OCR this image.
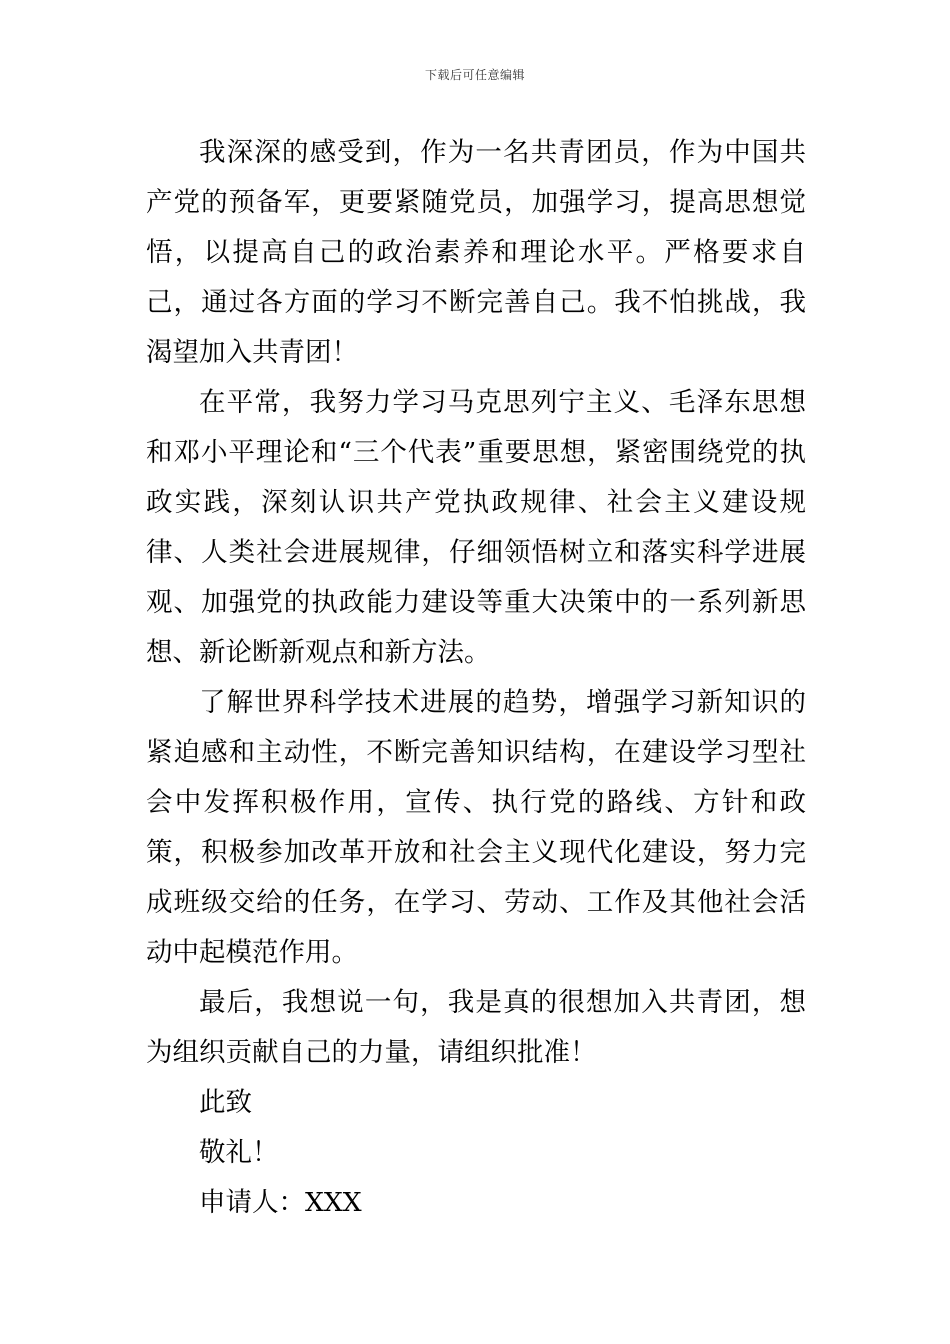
下载后可任意编辑

我深深的感受到，作为一名共青团员，作为中国共产党的预备军，更要紧随党员，加强学习，提高思想觉悟，以提高自己的政治素养和理论水平。严格要求自己，通过各方面的学习不断完善自己。我不怕挑战，我渴望加入共青团！

在平常，我努力学习马克思列宁主义、毛泽东思想和邓小平理论和“三个代表”重要思想，紧密围绕党的执政实践，深刻认识共产党执政规律、社会主义建设规律、人类社会进展规律，仔细领悟树立和落实科学进展观、加强党的执政能力建设等重大决策中的一系列新思想、新论断新观点和新方法。

了解世界科学技术进展的趋势，增强学习新知识的紧迫感和主动性，不断完善知识结构，在建设学习型社会中发挥积极作用，宣传、执行党的路线、方针和政策，积极参加改革开放和社会主义现代化建设，努力完成班级交给的任务，在学习、劳动、工作及其他社会活动中起模范作用。

最后，我想说一句，我是真的很想加入共青团，想为组织贡献自己的力量，请组织批准！

此致
敬礼！
申请人：XXX
